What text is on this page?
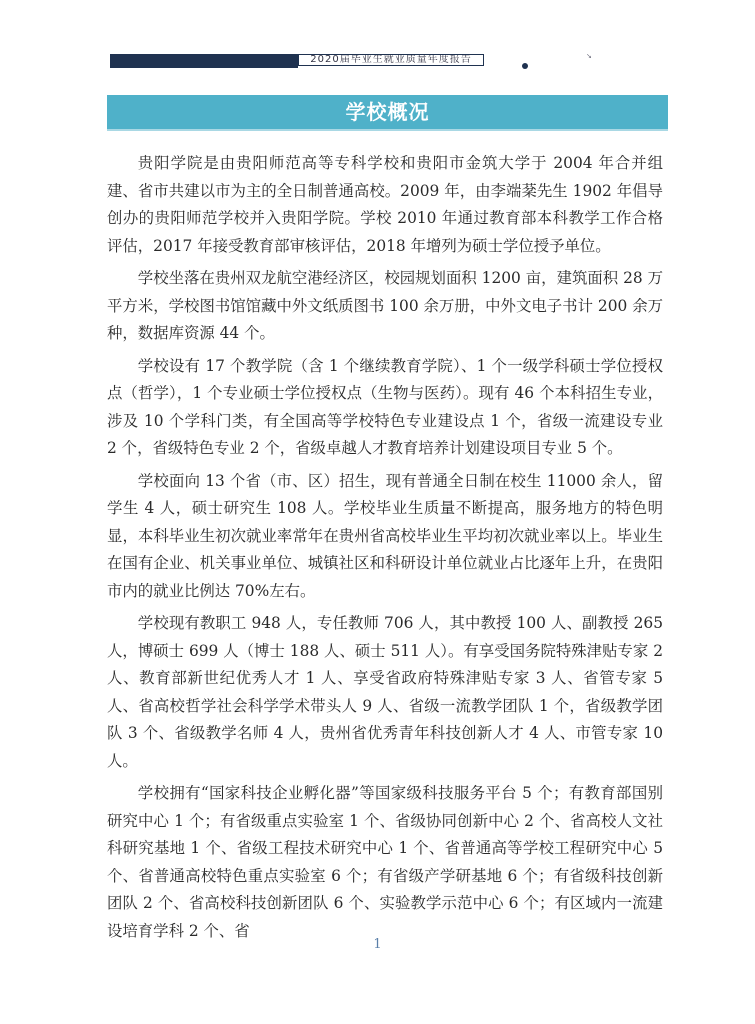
2020届毕业生就业质量年度报告	↘
学校概况

贵阳学院是由贵阳师范高等专科学校和贵阳市金筑大学于 2004 年合并组建、省市共建以市为主的全日制普通高校。2009 年，由李端棻先生 1902 年倡导创办的贵阳师范学校并入贵阳学院。学校 2010 年通过教育部本科教学工作合格评估，2017 年接受教育部审核评估，2018 年增列为硕士学位授予单位。

学校坐落在贵州双龙航空港经济区，校园规划面积 1200 亩，建筑面积 28 万平方米，学校图书馆馆藏中外文纸质图书 100 余万册，中外文电子书计 200 余万种，数据库资源 44 个。

学校设有 17 个教学院（含 1 个继续教育学院）、1 个一级学科硕士学位授权点（哲学），1 个专业硕士学位授权点（生物与医药）。现有 46 个本科招生专业，涉及 10 个学科门类，有全国高等学校特色专业建设点 1 个，省级一流建设专业 2 个，省级特色专业 2 个，省级卓越人才教育培养计划建设项目专业 5 个。

学校面向 13 个省（市、区）招生，现有普通全日制在校生 11000 余人，留学生 4 人，硕士研究生 108 人。学校毕业生质量不断提高，服务地方的特色明显，本科毕业生初次就业率常年在贵州省高校毕业生平均初次就业率以上。毕业生在国有企业、机关事业单位、城镇社区和科研设计单位就业占比逐年上升，在贵阳市内的就业比例达 70%左右。

学校现有教职工 948 人，专任教师 706 人，其中教授 100 人、副教授 265 人，博硕士 699 人（博士 188 人、硕士 511 人）。有享受国务院特殊津贴专家 2 人、教育部新世纪优秀人才 1 人、享受省政府特殊津贴专家 3 人、省管专家 5 人、省高校哲学社会科学学术带头人 9 人、省级一流教学团队 1 个，省级教学团队 3 个、省级教学名师 4 人，贵州省优秀青年科技创新人才 4 人、市管专家 10 人。

学校拥有“国家科技企业孵化器”等国家级科技服务平台 5 个；有教育部国别研究中心 1 个；有省级重点实验室 1 个、省级协同创新中心 2 个、省高校人文社科研究基地 1 个、省级工程技术研究中心 1 个、省普通高等学校工程研究中心 5 个、省普通高校特色重点实验室 6 个；有省级产学研基地 6 个；有省级科技创新团队 2 个、省高校科技创新团队 6 个、实验教学示范中心 6 个；有区域内一流建设培育学科 2 个、省

1
